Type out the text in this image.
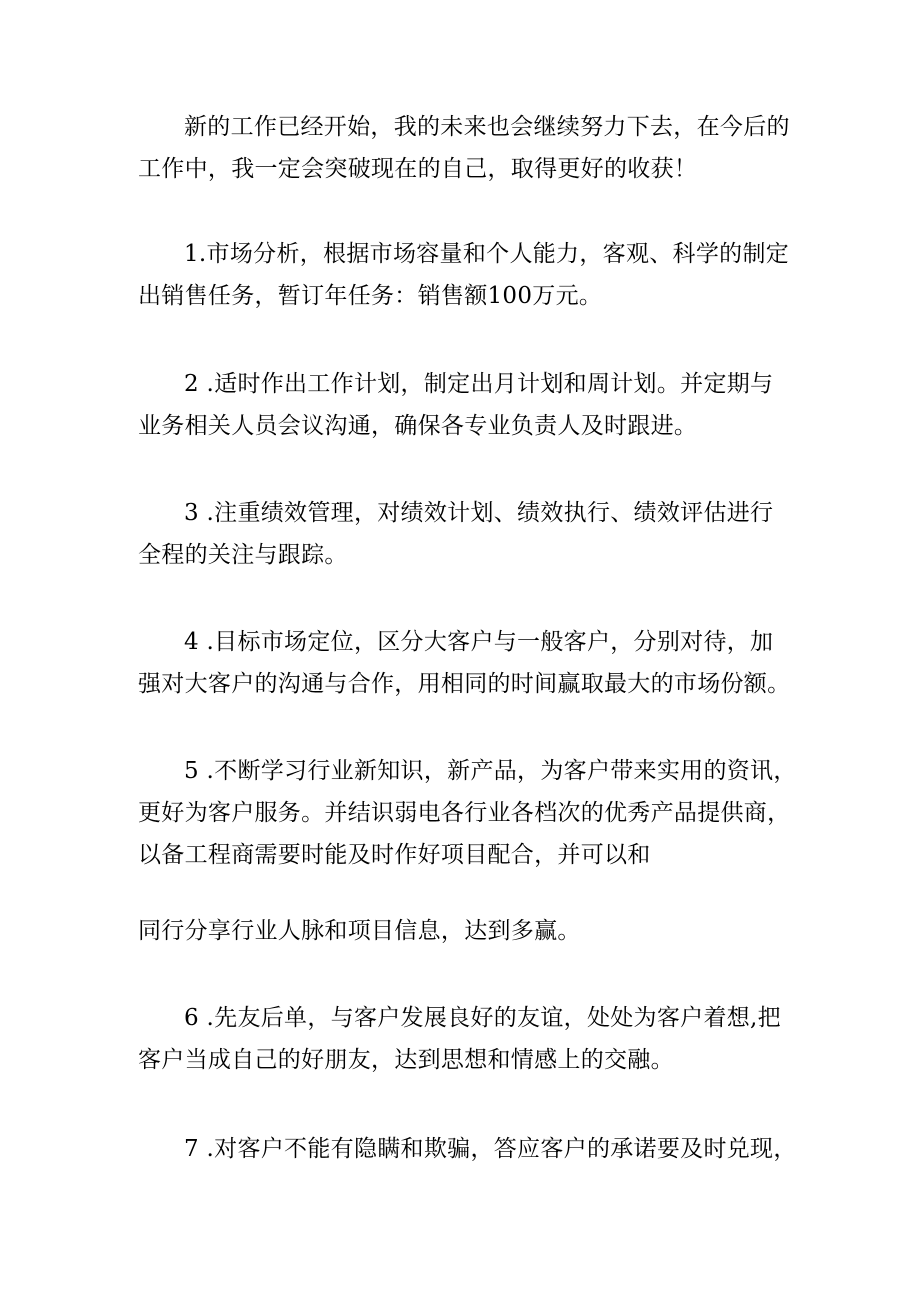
新的工作已经开始，我的未来也会继续努力下去，在今后的
工作中，我一定会突破现在的自己，取得更好的收获！

1.市场分析，根据市场容量和个人能力，客观、科学的制定
出销售任务，暂订年任务：销售额100万元。

2 .适时作出工作计划，制定出月计划和周计划。并定期与
业务相关人员会议沟通，确保各专业负责人及时跟进。

3 .注重绩效管理，对绩效计划、绩效执行、绩效评估进行
全程的关注与跟踪。

4 .目标市场定位，区分大客户与一般客户，分别对待，加
强对大客户的沟通与合作，用相同的时间赢取最大的市场份额。

5 .不断学习行业新知识，新产品，为客户带来实用的资讯，
更好为客户服务。并结识弱电各行业各档次的优秀产品提供商，
以备工程商需要时能及时作好项目配合，并可以和

同行分享行业人脉和项目信息，达到多赢。

6 .先友后单，与客户发展良好的友谊，处处为客户着想,把
客户当成自己的好朋友，达到思想和情感上的交融。

7 .对客户不能有隐瞒和欺骗，答应客户的承诺要及时兑现，
